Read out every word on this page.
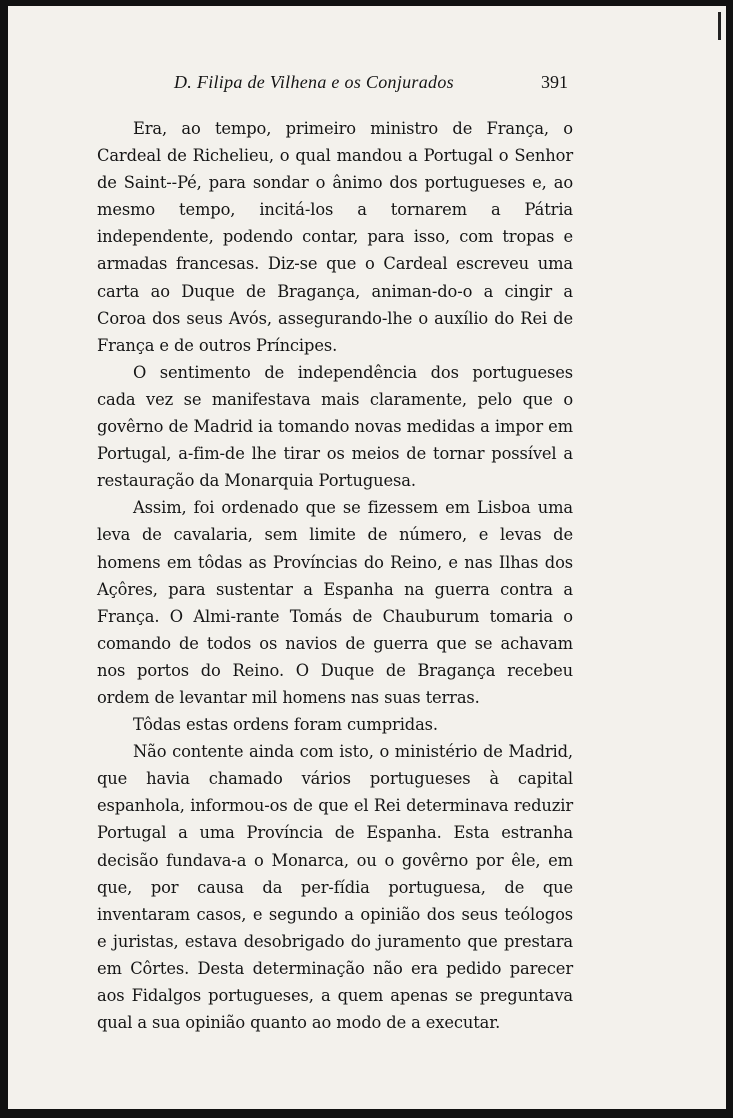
D. Filipa de Vilhena e os Conjurados	391

Era, ao tempo, primeiro ministro de França, o Cardeal de Richelieu, o qual mandou a Portugal o Senhor de Saint--Pé, para sondar o ânimo dos portugueses e, ao mesmo tempo, incitá-los a tornarem a Pátria independente, podendo contar, para isso, com tropas e armadas francesas. Diz-se que o Cardeal escreveu uma carta ao Duque de Bragança, animan-do-o a cingir a Coroa dos seus Avós, assegurando-lhe o auxílio do Rei de França e de outros Príncipes.

O sentimento de independência dos portugueses cada vez se manifestava mais claramente, pelo que o govêrno de Madrid ia tomando novas medidas a impor em Portugal, a-fim-de lhe tirar os meios de tornar possível a restauração da Monarquia Portuguesa.

Assim, foi ordenado que se fizessem em Lisboa uma leva de cavalaria, sem limite de número, e levas de homens em tôdas as Províncias do Reino, e nas Ilhas dos Açôres, para sustentar a Espanha na guerra contra a França. O Almi-rante Tomás de Chauburum tomaria o comando de todos os navios de guerra que se achavam nos portos do Reino. O Duque de Bragança recebeu ordem de levantar mil homens nas suas terras.

Tôdas estas ordens foram cumpridas.

Não contente ainda com isto, o ministério de Madrid, que havia chamado vários portugueses à capital espanhola, informou-os de que el Rei determinava reduzir Portugal a uma Província de Espanha. Esta estranha decisão fundava-a o Monarca, ou o govêrno por êle, em que, por causa da per-fídia portuguesa, de que inventaram casos, e segundo a opinião dos seus teólogos e juristas, estava desobrigado do juramento que prestara em Côrtes. Desta determinação não era pedido parecer aos Fidalgos portugueses, a quem apenas se preguntava qual a sua opinião quanto ao modo de a executar.
